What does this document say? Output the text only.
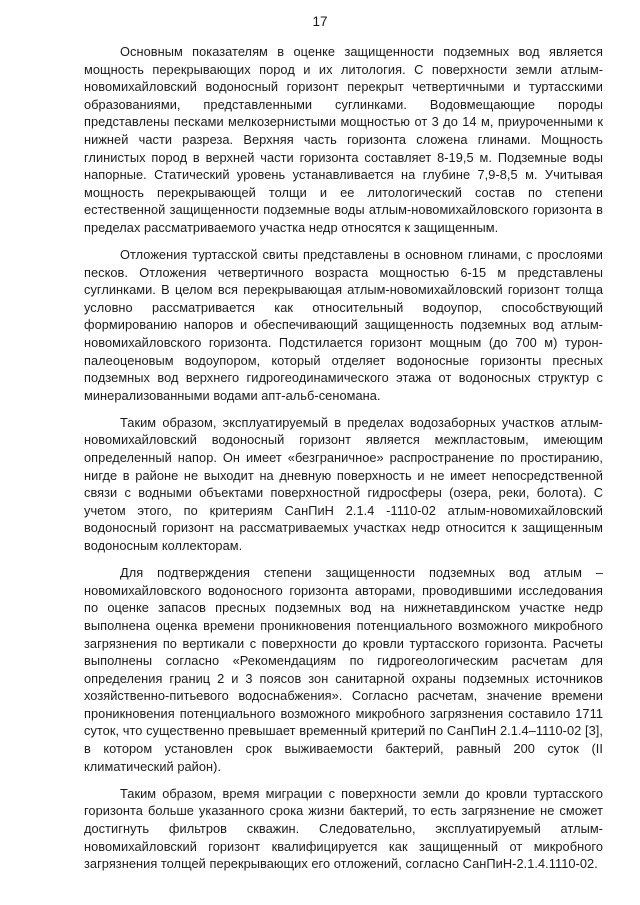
17

Основным показателям в оценке защищенности подземных вод является мощность перекрывающих пород и их литология. С поверхности земли атлым-новомихайловский водоносный горизонт перекрыт четвертичными и туртасскими образованиями, представленными суглинками. Водовмещающие породы представлены песками мелкозернистыми мощностью от 3 до 14 м, приуроченными к нижней части разреза. Верхняя часть горизонта сложена глинами. Мощность глинистых пород в верхней части горизонта составляет 8-19,5 м. Подземные воды напорные. Статический уровень устанавливается на глубине 7,9-8,5 м. Учитывая мощность перекрывающей толщи и ее литологический состав по степени естественной защищенности подземные воды атлым-новомихайловского горизонта в пределах рассматриваемого участка недр относятся к защищенным.

Отложения туртасской свиты представлены в основном глинами, с прослоями песков. Отложения четвертичного возраста мощностью 6-15 м представлены суглинками. В целом вся перекрывающая атлым-новомихайловский горизонт толща условно рассматривается как относительный водоупор, способствующий формированию напоров и обеспечивающий защищенность подземных вод атлым-новомихайловского горизонта. Подстилается горизонт мощным (до 700 м) турон-палеоценовым водоупором, который отделяет водоносные горизонты пресных подземных вод верхнего гидрогеодинамического этажа от водоносных структур с минерализованными водами апт-альб-сеномана.

Таким образом, эксплуатируемый в пределах водозаборных участков атлым-новомихайловский водоносный горизонт является межпластовым, имеющим определенный напор. Он имеет «безграничное» распространение по простиранию, нигде в районе не выходит на дневную поверхность и не имеет непосредственной связи с водными объектами поверхностной гидросферы (озера, реки, болота). С учетом этого, по критериям СанПиН 2.1.4 -1110-02 атлым-новомихайловский водоносный горизонт на рассматриваемых участках недр относится к защищенным водоносным коллекторам.

Для подтверждения степени защищенности подземных вод атлым – новомихайловского водоносного горизонта авторами, проводившими исследования по оценке запасов пресных подземных вод на нижнетавдинском участке недр выполнена оценка времени проникновения потенциального возможного микробного загрязнения по вертикали с поверхности до кровли туртасского горизонта. Расчеты выполнены согласно «Рекомендациям по гидрогеологическим расчетам для определения границ 2 и 3 поясов зон санитарной охраны подземных источников хозяйственно-питьевого водоснабжения». Согласно расчетам, значение времени проникновения потенциального возможного микробного загрязнения составило 1711 суток, что существенно превышает временный критерий по СанПиН 2.1.4–1110-02 [3], в котором установлен срок выживаемости бактерий, равный 200 суток (II климатический район).

Таким образом, время миграции с поверхности земли до кровли туртасского горизонта больше указанного срока жизни бактерий, то есть загрязнение не сможет достигнуть фильтров скважин. Следовательно, эксплуатируемый атлым-новомихайловский горизонт квалифицируется как защищенный от микробного загрязнения толщей перекрывающих его отложений, согласно СанПиН-2.1.4.1110-02.
